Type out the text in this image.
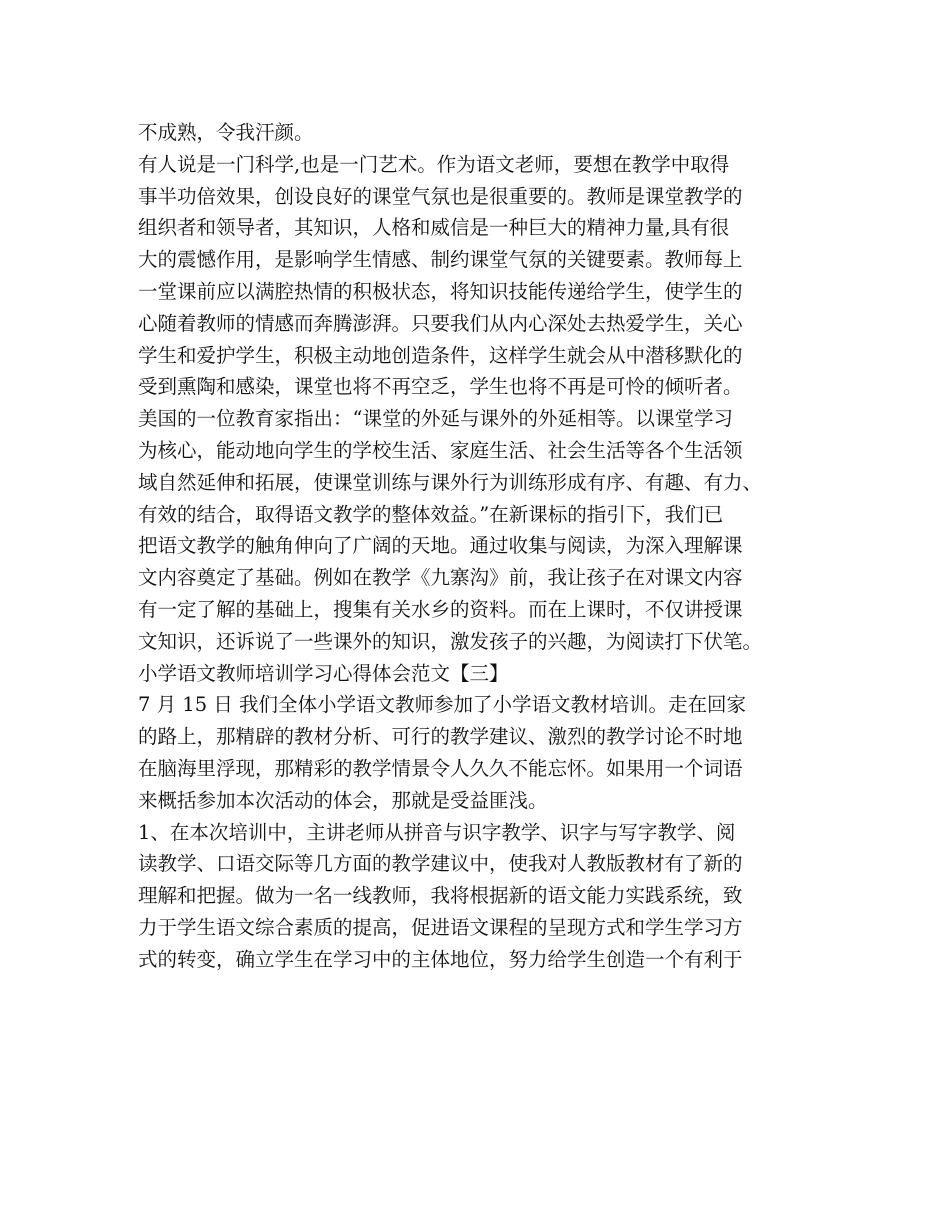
不成熟，令我汗颜。
有人说是一门科学,也是一门艺术。作为语文老师，要想在教学中取得
事半功倍效果，创设良好的课堂气氛也是很重要的。教师是课堂教学的
组织者和领导者，其知识，人格和威信是一种巨大的精神力量,具有很
大的震憾作用，是影响学生情感、制约课堂气氛的关键要素。教师每上
一堂课前应以满腔热情的积极状态，将知识技能传递给学生，使学生的
心随着教师的情感而奔腾澎湃。只要我们从内心深处去热爱学生，关心
学生和爱护学生，积极主动地创造条件，这样学生就会从中潜移默化的
受到熏陶和感染，课堂也将不再空乏，学生也将不再是可怜的倾听者。
美国的一位教育家指出：“课堂的外延与课外的外延相等。以课堂学习
为核心，能动地向学生的学校生活、家庭生活、社会生活等各个生活领
域自然延伸和拓展，使课堂训练与课外行为训练形成有序、有趣、有力、
有效的结合，取得语文教学的整体效益。”在新课标的指引下，我们已
把语文教学的触角伸向了广阔的天地。通过收集与阅读，为深入理解课
文内容奠定了基础。例如在教学《九寨沟》前，我让孩子在对课文内容
有一定了解的基础上，搜集有关水乡的资料。而在上课时，不仅讲授课
文知识，还诉说了一些课外的知识，激发孩子的兴趣，为阅读打下伏笔。
小学语文教师培训学习心得体会范文【三】
7 月 15 日 我们全体小学语文教师参加了小学语文教材培训。走在回家
的路上，那精辟的教材分析、可行的教学建议、激烈的教学讨论不时地
在脑海里浮现，那精彩的教学情景令人久久不能忘怀。如果用一个词语
来概括参加本次活动的体会，那就是受益匪浅。
1、在本次培训中，主讲老师从拼音与识字教学、识字与写字教学、阅
读教学、口语交际等几方面的教学建议中，使我对人教版教材有了新的
理解和把握。做为一名一线教师，我将根据新的语文能力实践系统，致
力于学生语文综合素质的提高，促进语文课程的呈现方式和学生学习方
式的转变，确立学生在学习中的主体地位，努力给学生创造一个有利于
